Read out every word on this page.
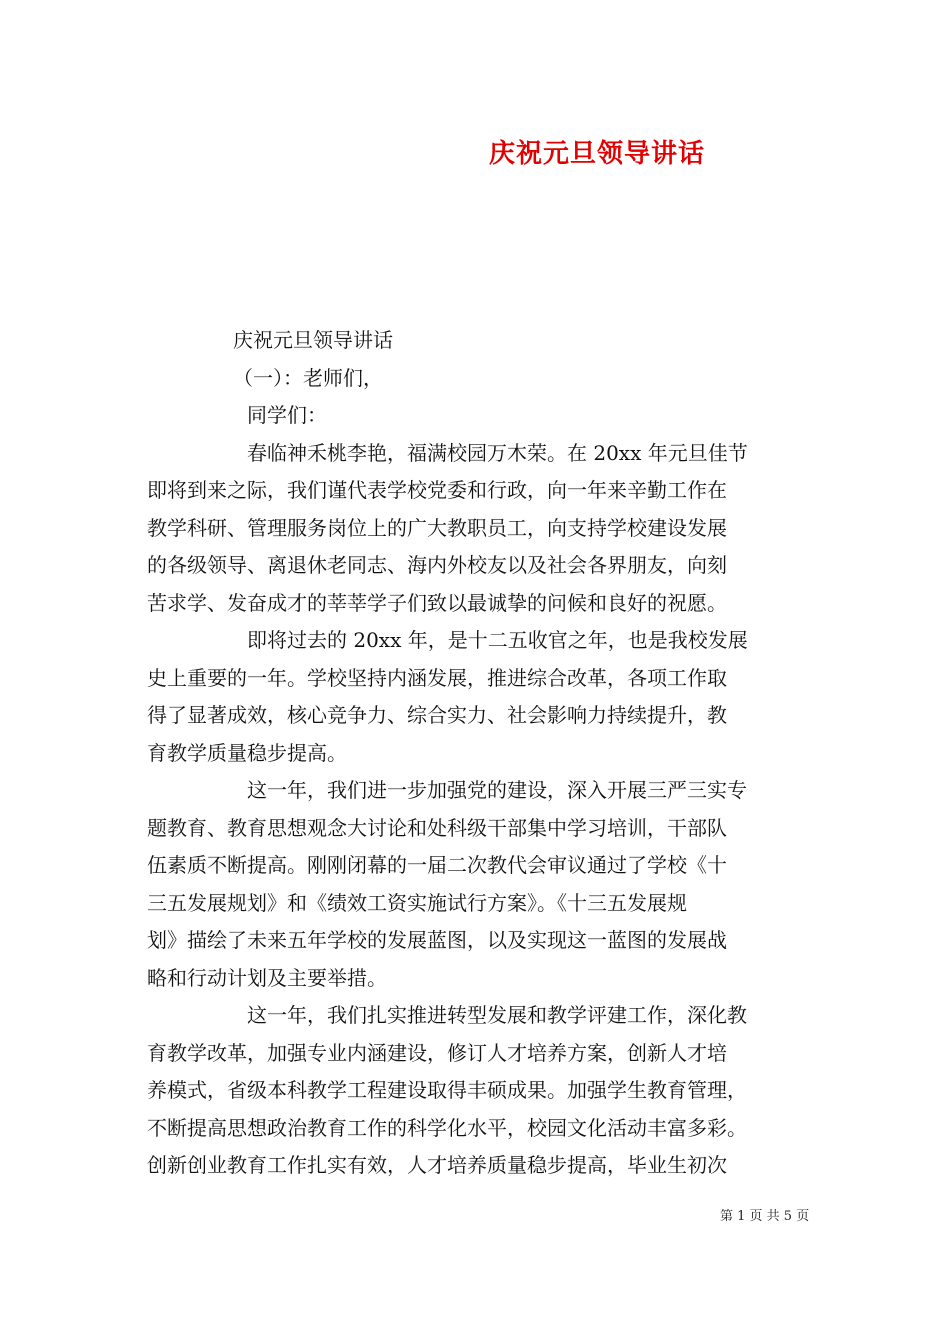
庆祝元旦领导讲话
庆祝元旦领导讲话
（一）：老师们，
同学们：
春临神禾桃李艳，福满校园万木荣。在 20xx 年元旦佳节
即将到来之际，我们谨代表学校党委和行政，向一年来辛勤工作在
教学科研、管理服务岗位上的广大教职员工，向支持学校建设发展
的各级领导、离退休老同志、海内外校友以及社会各界朋友，向刻
苦求学、发奋成才的莘莘学子们致以最诚挚的问候和良好的祝愿。
即将过去的 20xx 年，是十二五收官之年，也是我校发展
史上重要的一年。学校坚持内涵发展，推进综合改革，各项工作取
得了显著成效，核心竞争力、综合实力、社会影响力持续提升，教
育教学质量稳步提高。
这一年，我们进一步加强党的建设，深入开展三严三实专
题教育、教育思想观念大讨论和处科级干部集中学习培训，干部队
伍素质不断提高。刚刚闭幕的一届二次教代会审议通过了学校《十
三五发展规划》和《绩效工资实施试行方案》。《十三五发展规
划》描绘了未来五年学校的发展蓝图，以及实现这一蓝图的发展战
略和行动计划及主要举措。
这一年，我们扎实推进转型发展和教学评建工作，深化教
育教学改革，加强专业内涵建设，修订人才培养方案，创新人才培
养模式，省级本科教学工程建设取得丰硕成果。加强学生教育管理，
不断提高思想政治教育工作的科学化水平，校园文化活动丰富多彩。
创新创业教育工作扎实有效，人才培养质量稳步提高，毕业生初次
第 1 页 共 5 页
